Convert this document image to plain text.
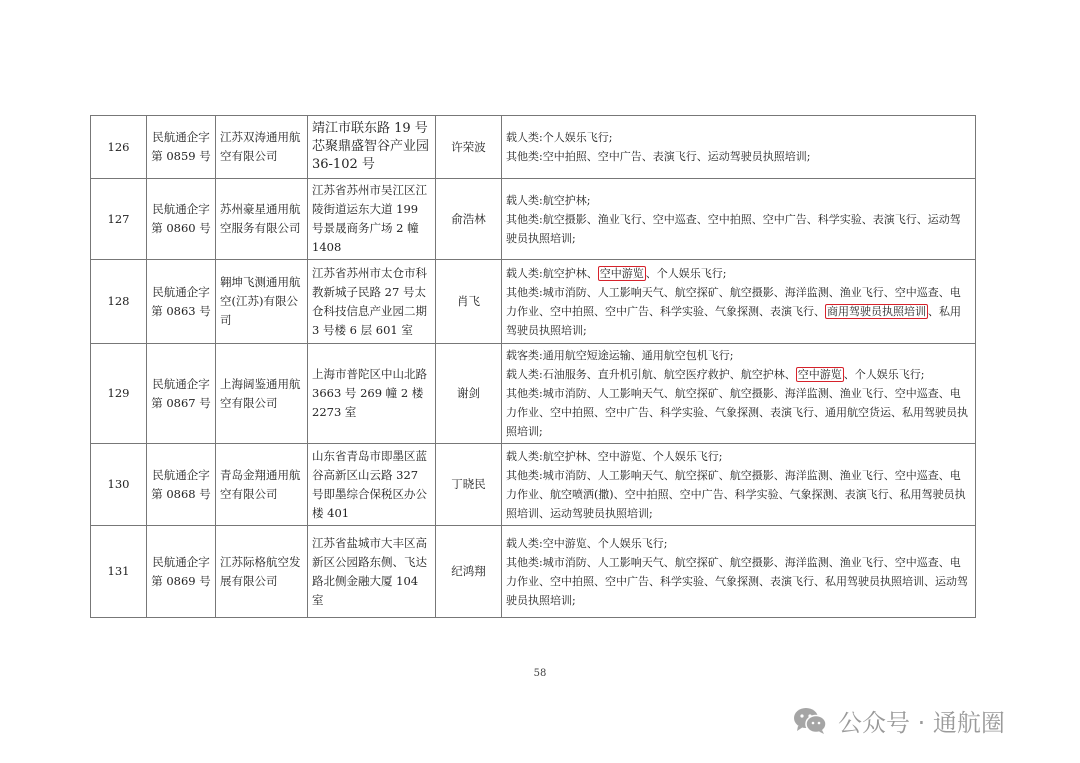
126	民航通企字第 0859 号	江苏双涛通用航空有限公司	靖江市联东路 19 号芯聚鼎盛智谷产业园 36-102 号	许荣波	载人类:个人娱乐飞行;
其他类:空中拍照、空中广告、表演飞行、运动驾驶员执照培训;

127	民航通企字第 0860 号	苏州豪星通用航空服务有限公司	江苏省苏州市吴江区江陵街道运东大道 199 号景晟商务广场 2 幢 1408	俞浩林	载人类:航空护林;
其他类:航空摄影、渔业飞行、空中巡查、空中拍照、空中广告、科学实验、表演飞行、运动驾驶员执照培训;

128	民航通企字第 0863 号	翱坤飞测通用航空(江苏)有限公司	江苏省苏州市太仓市科教新城子民路 27 号太仓科技信息产业园二期 3 号楼 6 层 601 室	肖飞	载人类:航空护林、 空中游览 、个人娱乐飞行;
其他类:城市消防、人工影响天气、航空探矿、航空摄影、海洋监测、渔业飞行、空中巡查、电力作业、空中拍照、空中广告、科学实验、气象探测、表演飞行、 商用驾驶员执照培训 、私用驾驶员执照培训;

129	民航通企字第 0867 号	上海阔鉴通用航空有限公司	上海市普陀区中山北路 3663 号 269 幢 2 楼 2273 室	谢剑	载客类:通用航空短途运输、通用航空包机飞行;
载人类:石油服务、直升机引航、航空医疗救护、航空护林、 空中游览 、个人娱乐飞行;
其他类:城市消防、人工影响天气、航空探矿、航空摄影、海洋监测、渔业飞行、空中巡查、电力作业、空中拍照、空中广告、科学实验、气象探测、表演飞行、通用航空货运、私用驾驶员执照培训;

130	民航通企字第 0868 号	青岛金翔通用航空有限公司	山东省青岛市即墨区蓝谷高新区山云路 327 号即墨综合保税区办公楼 401	丁晓民	载人类:航空护林、空中游览、个人娱乐飞行;
其他类:城市消防、人工影响天气、航空探矿、航空摄影、海洋监测、渔业飞行、空中巡查、电力作业、航空喷洒(撒)、空中拍照、空中广告、科学实验、气象探测、表演飞行、私用驾驶员执照培训、运动驾驶员执照培训;

131	民航通企字第 0869 号	江苏际格航空发展有限公司	江苏省盐城市大丰区高新区公园路东侧、飞达路北侧金融大厦 104 室	纪鸿翔	载人类:空中游览、个人娱乐飞行;
其他类:城市消防、人工影响天气、航空探矿、航空摄影、海洋监测、渔业飞行、空中巡查、电力作业、空中拍照、空中广告、科学实验、气象探测、表演飞行、私用驾驶员执照培训、运动驾驶员执照培训;
58
公众号 · 通航圈
